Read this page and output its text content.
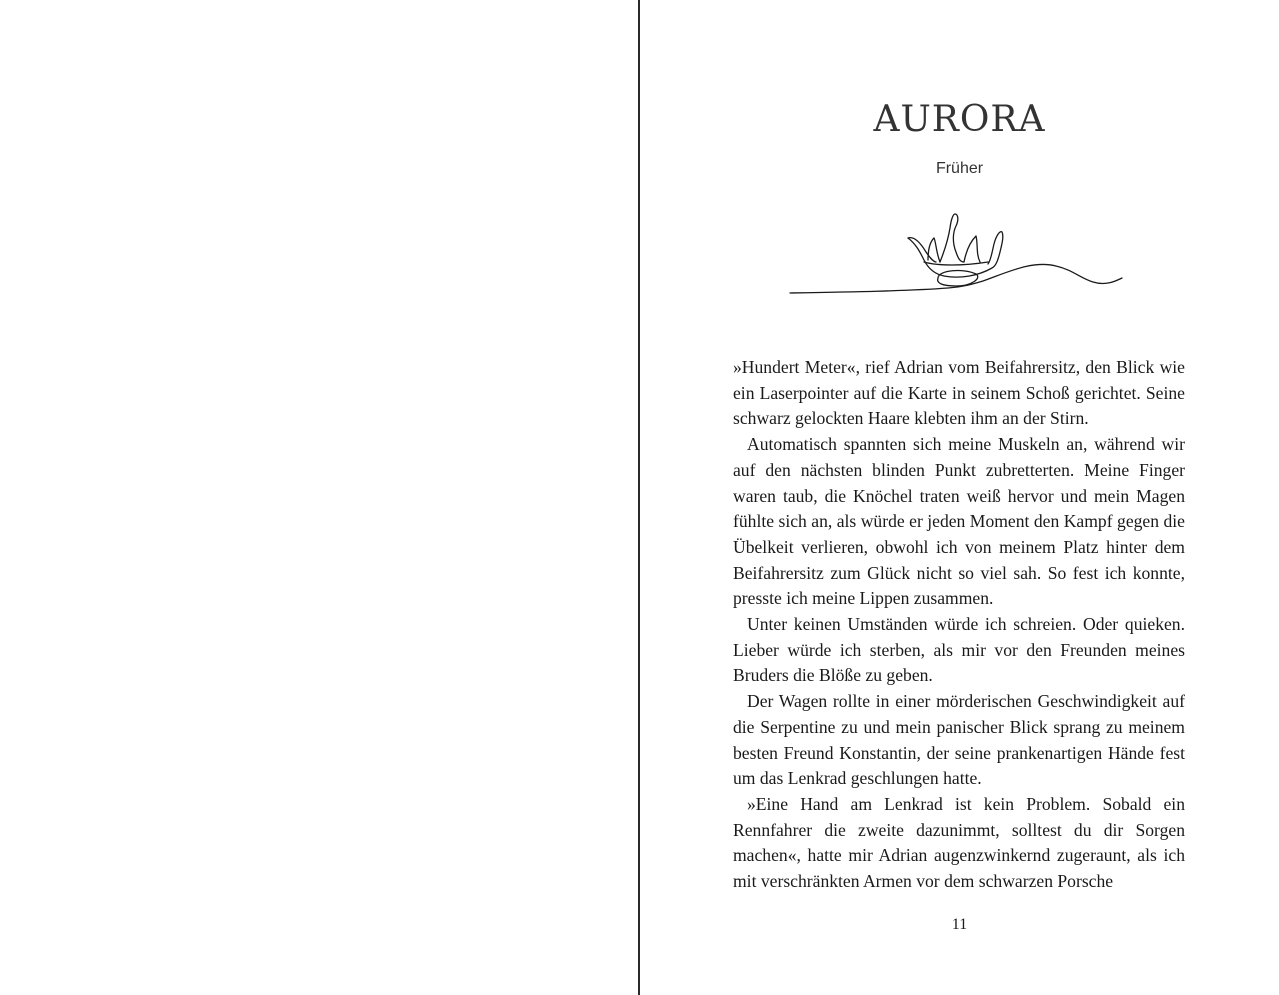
AURORA
Früher

»Hundert Meter«, rief Adrian vom Beifahrersitz, den Blick wie ein Laserpointer auf die Karte in seinem Schoß gerichtet. Seine schwarz gelockten Haare klebten ihm an der Stirn.

Automatisch spannten sich meine Muskeln an, während wir auf den nächsten blinden Punkt zubretterten. Meine Finger waren taub, die Knöchel traten weiß hervor und mein Magen fühlte sich an, als würde er jeden Moment den Kampf gegen die Übelkeit verlieren, obwohl ich von meinem Platz hinter dem Beifahrersitz zum Glück nicht so viel sah. So fest ich konnte, presste ich meine Lippen zusammen.

Unter keinen Umständen würde ich schreien. Oder quieken. Lieber würde ich sterben, als mir vor den Freunden meines Bruders die Blöße zu geben.

Der Wagen rollte in einer mörderischen Geschwindigkeit auf die Serpentine zu und mein panischer Blick sprang zu meinem besten Freund Konstantin, der seine prankenartigen Hände fest um das Lenkrad geschlungen hatte.

»Eine Hand am Lenkrad ist kein Problem. Sobald ein Rennfahrer die zweite dazunimmt, solltest du dir Sorgen machen«, hatte mir Adrian augenzwinkernd zugeraunt, als ich mit verschränkten Armen vor dem schwarzen Porsche

11
